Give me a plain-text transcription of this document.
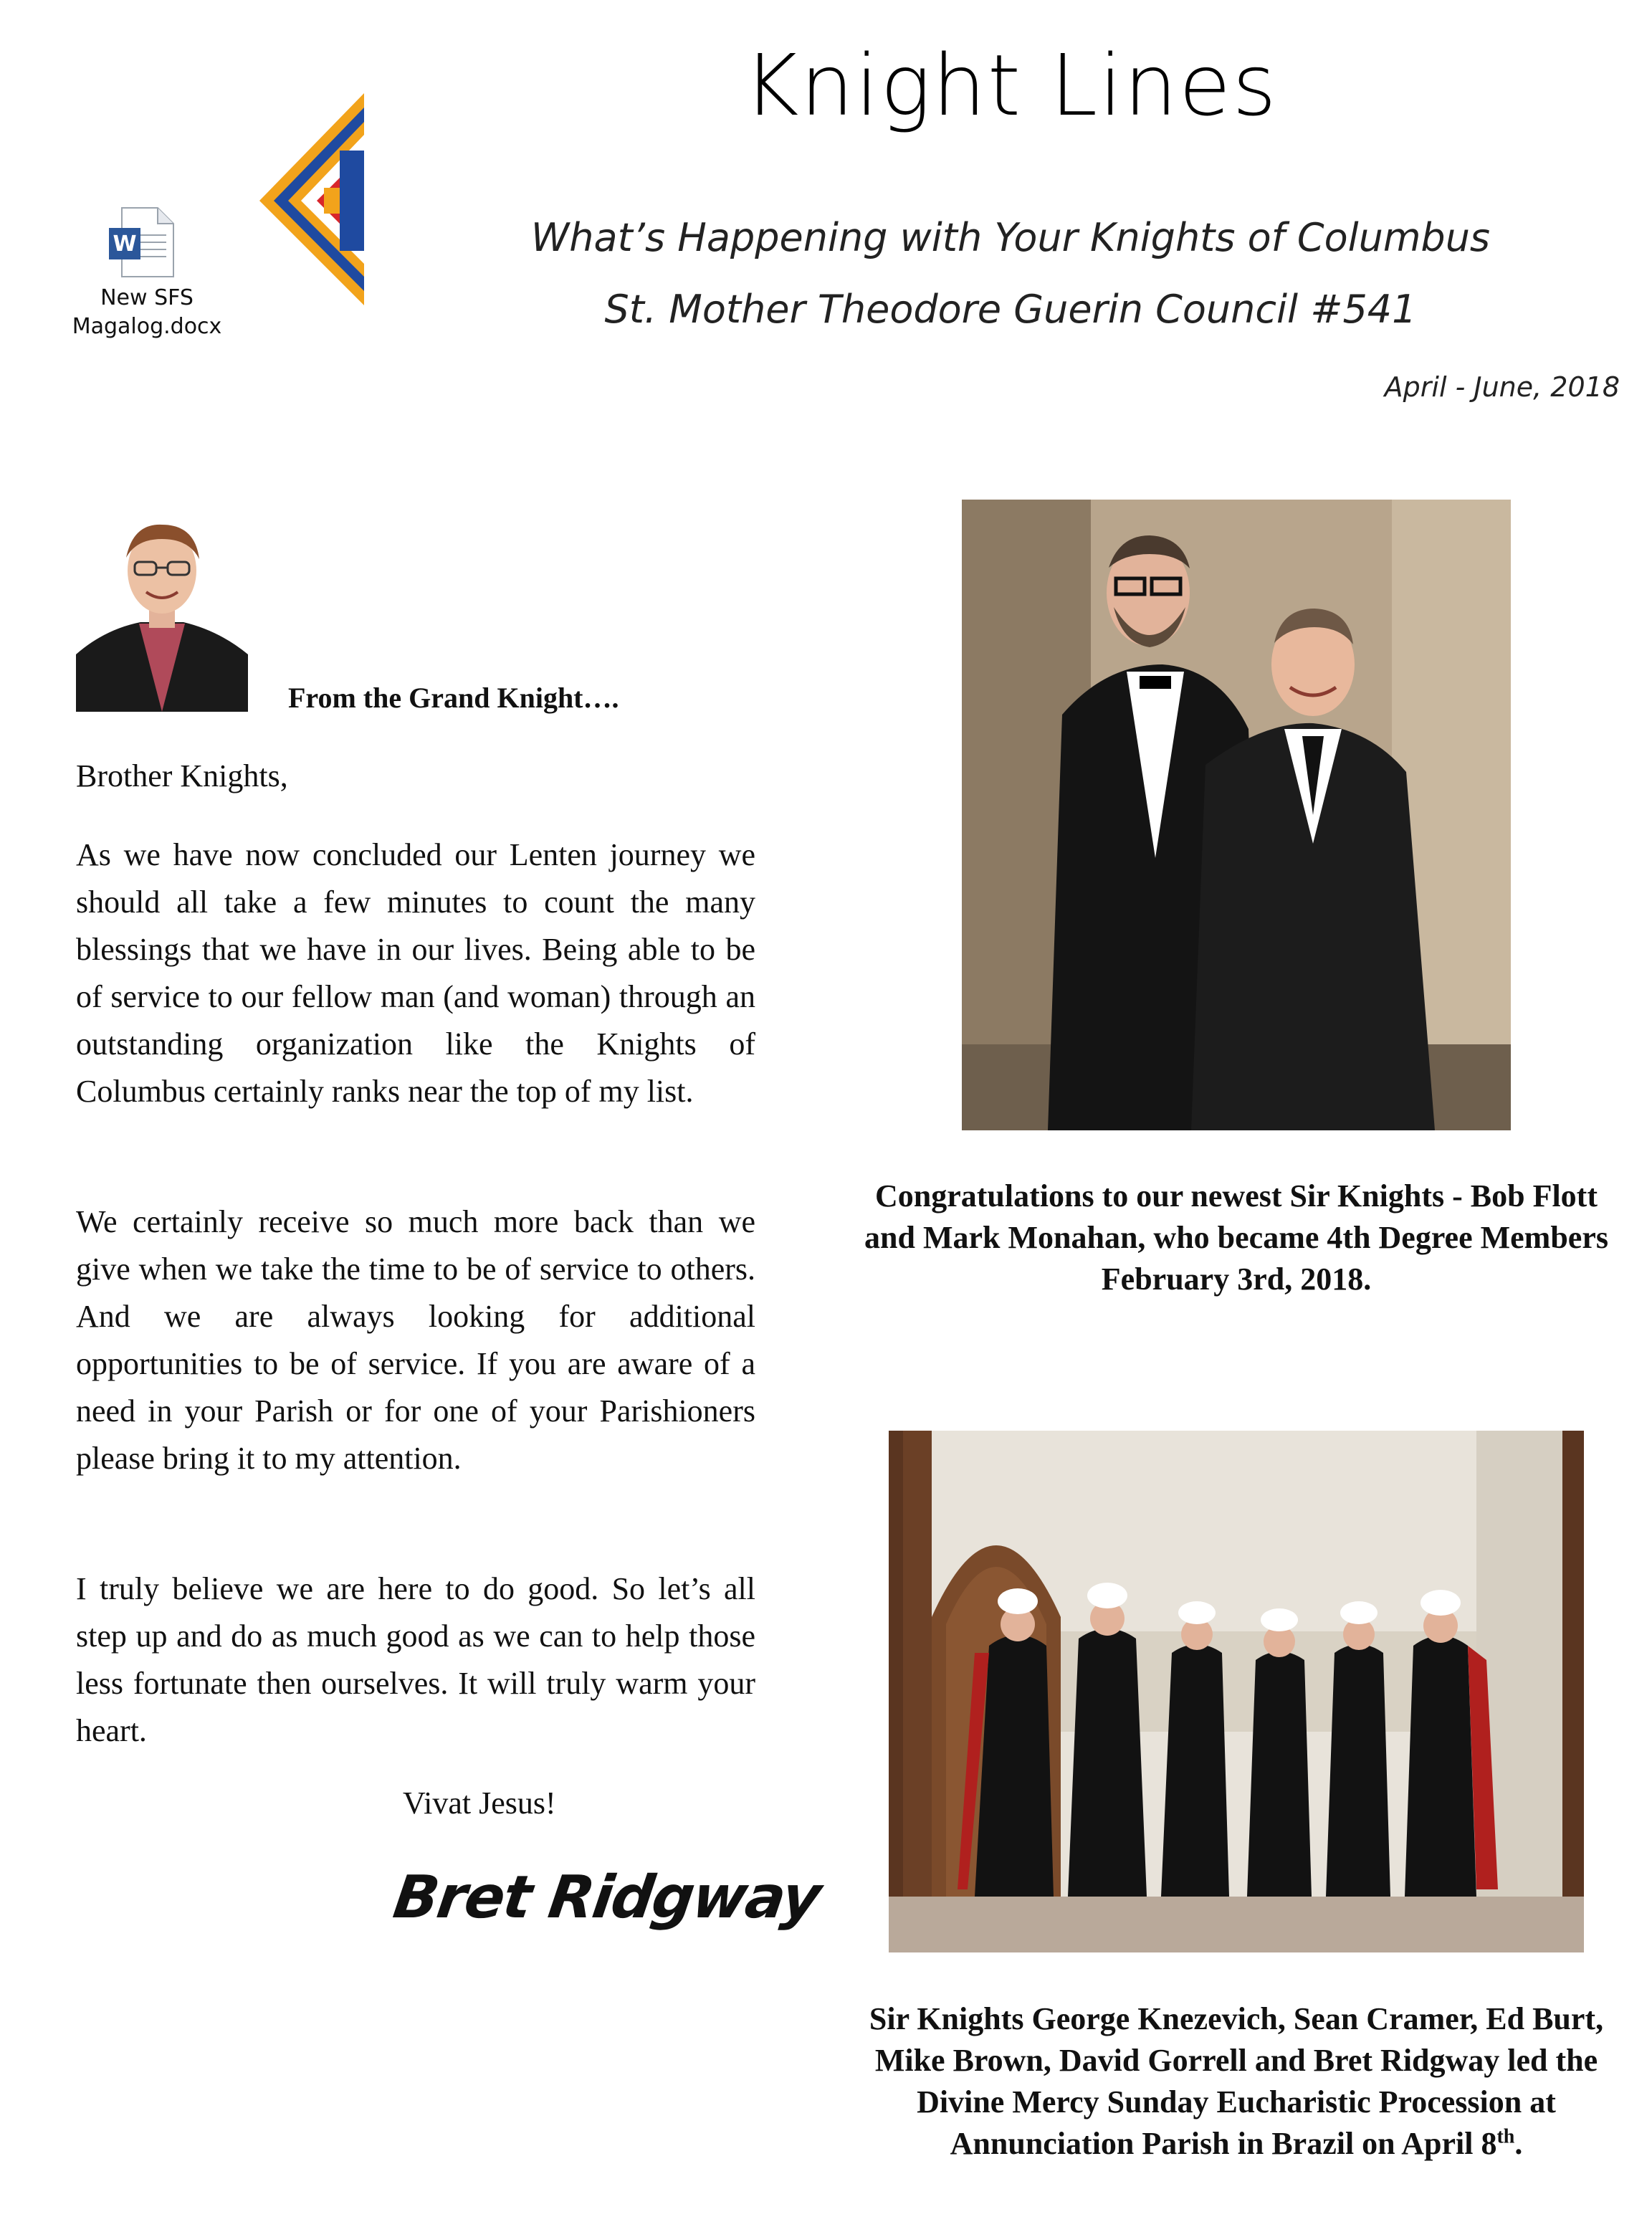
Knight Lines
What’s Happening with Your Knights of Columbus
St. Mother Theodore Guerin Council #541
April - June, 2018
W
New SFS
Magalog.docx
From the Grand Knight….
Brother Knights,
As we have now concluded our Lenten journey we should all take a few minutes to count the many blessings that we have in our lives. Being able to be of service to our fellow man (and woman) through an outstanding organization like the Knights of Columbus certainly ranks near the top of my list.
We certainly receive so much more back than we give when we take the time to be of service to others. And we are always looking for additional opportunities to be of service. If you are aware of a need in your Parish or for one of your Parishioners please bring it to my attention.
I truly believe we are here to do good. So let’s all step up and do as much good as we can to help those less fortunate then ourselves. It will truly warm your heart.
Vivat Jesus!
Bret Ridgway
Congratulations to our newest Sir Knights - Bob Flott and Mark Monahan, who became 4th Degree Members February 3rd, 2018.
Sir Knights George Knezevich, Sean Cramer, Ed Burt, Mike Brown, David Gorrell and Bret Ridgway led the Divine Mercy Sunday Eucharistic Procession at Annunciation Parish in Brazil on April 8th.
